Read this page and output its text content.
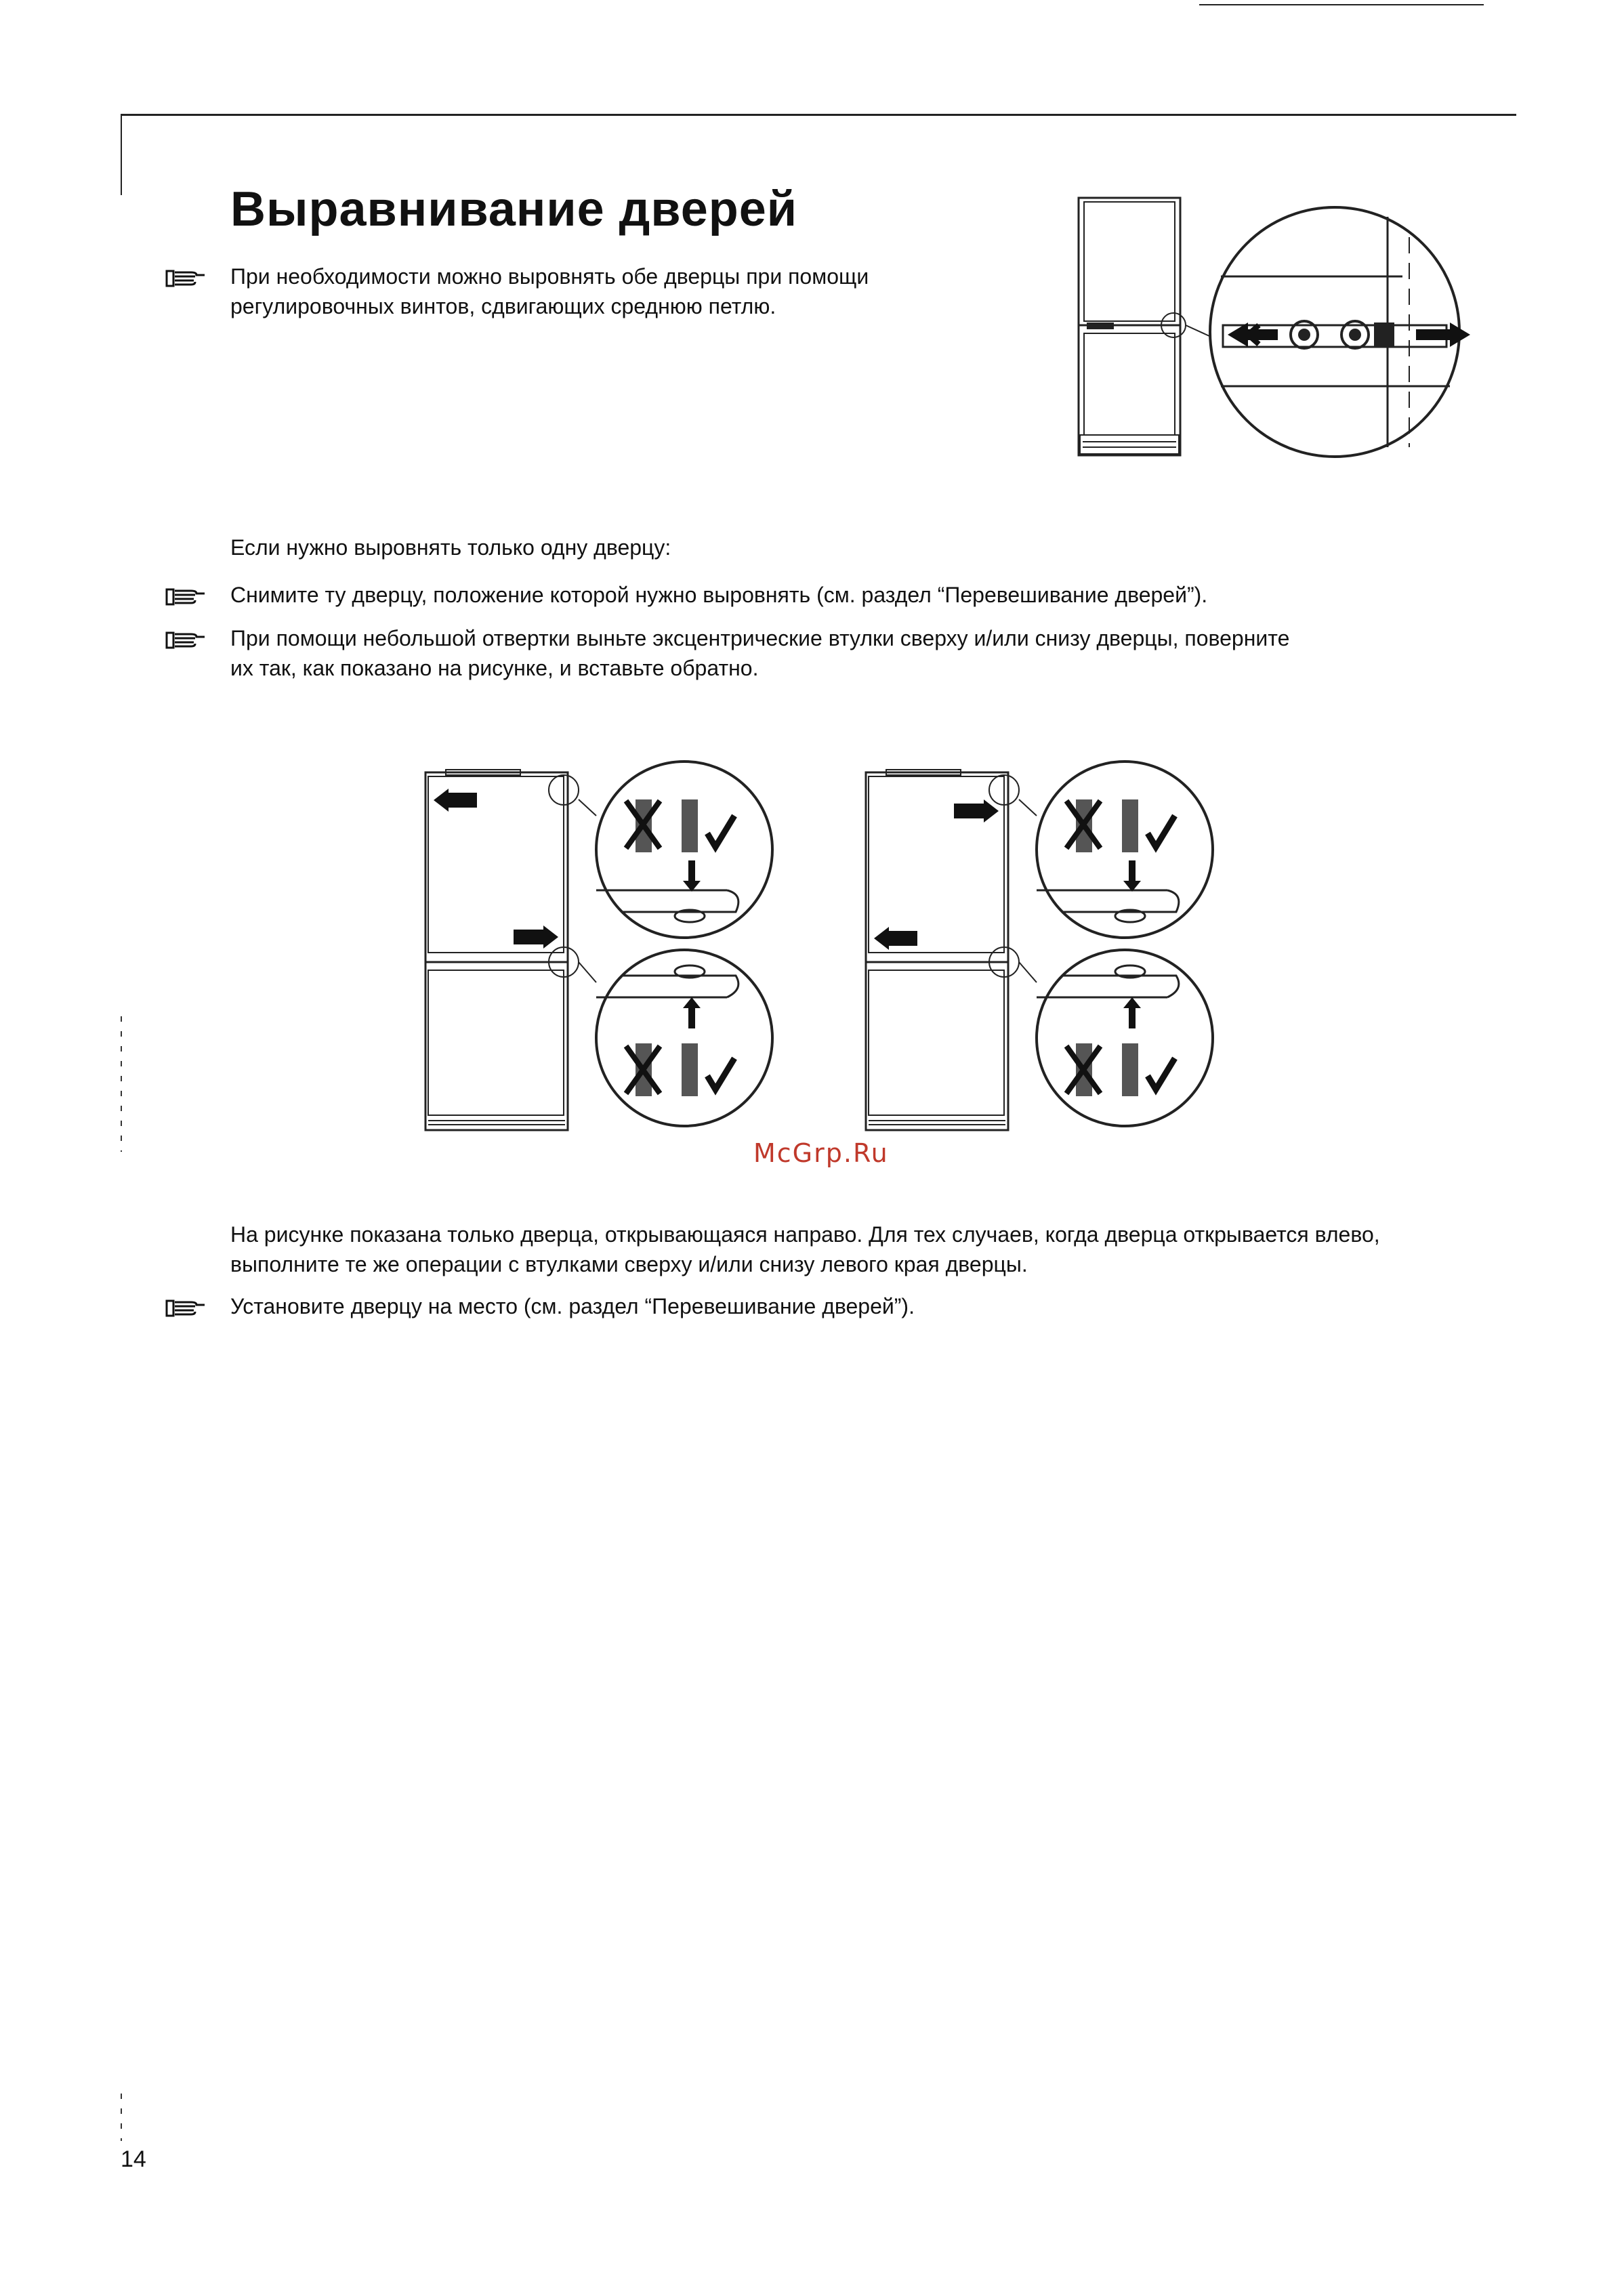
Выравнивание дверей
При необходимости можно выровнять обе дверцы при помощи
регулировочных винтов, сдвигающих среднюю петлю.
Если нужно выровнять только одну дверцу:
Снимите ту дверцу, положение которой нужно выровнять (см. раздел “Перевешивание дверей”).
При помощи небольшой отвертки выньте эксцентрические втулки сверху и/или снизу дверцы, поверните
их так, как показано на рисунке, и вставьте обратно.
McGrp.Ru
На рисунке показана только дверца, открывающаяся направо. Для тех случаев, когда дверца открывается влево,
выполните те же операции с втулками сверху и/или снизу левого края дверцы.
Установите дверцу на место (см. раздел “Перевешивание дверей”).
14
